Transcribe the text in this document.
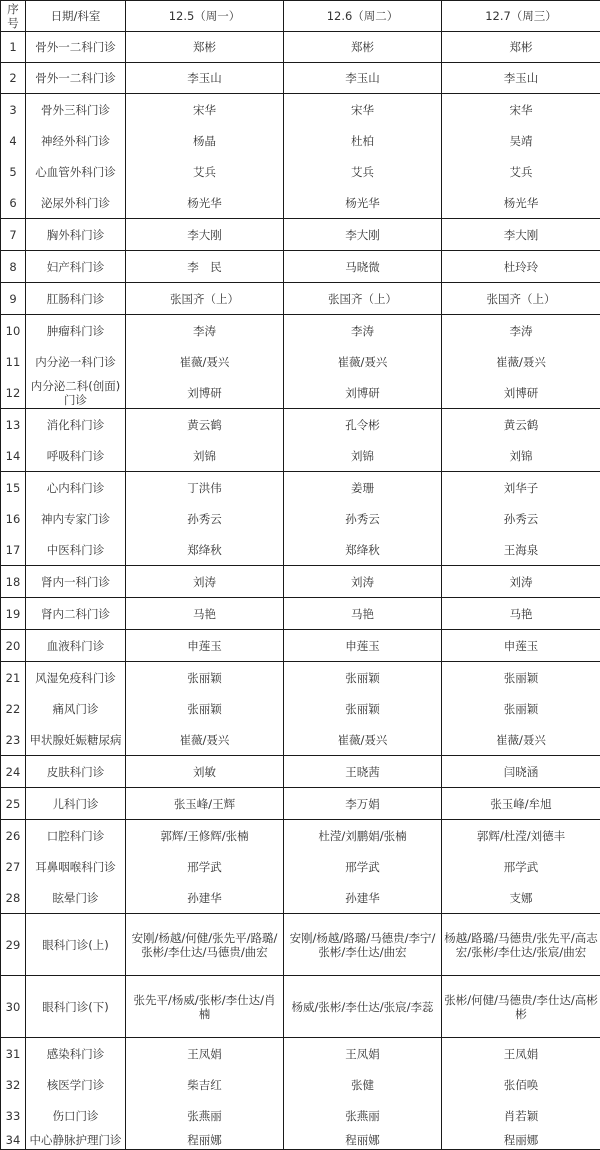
序号	日期/科室	12.5（周一）	12.6（周二）	12.7（周三）
1	骨外一二科门诊	郑彬	郑彬	郑彬
2	骨外一二科门诊	李玉山	李玉山	李玉山
3	骨外三科门诊	宋华	宋华	宋华
4	神经外科门诊	杨晶	杜柏	吴靖
5	心血管外科门诊	艾兵	艾兵	艾兵
6	泌尿外科门诊	杨光华	杨光华	杨光华
7	胸外科门诊	李大刚	李大刚	李大刚
8	妇产科门诊	李　民	马晓微	杜玲玲
9	肛肠科门诊	张国齐（上）	张国齐（上）	张国齐（上）
10	肿瘤科门诊	李涛	李涛	李涛
11	内分泌一科门诊	崔薇/聂兴	崔薇/聂兴	崔薇/聂兴
12	内分泌二科(创面)门诊	刘博研	刘博研	刘博研
13	消化科门诊	黄云鹤	孔令彬	黄云鹤
14	呼吸科门诊	刘锦	刘锦	刘锦
15	心内科门诊	丁洪伟	姜珊	刘华子
16	神内专家门诊	孙秀云	孙秀云	孙秀云
17	中医科门诊	郑绛秋	郑绛秋	王海泉
18	肾内一科门诊	刘涛	刘涛	刘涛
19	肾内二科门诊	马艳	马艳	马艳
20	血液科门诊	申莲玉	申莲玉	申莲玉
21	风湿免疫科门诊	张丽颖	张丽颖	张丽颖
22	痛风门诊	张丽颖	张丽颖	张丽颖
23	甲状腺妊娠糖尿病	崔薇/聂兴	崔薇/聂兴	崔薇/聂兴
24	皮肤科门诊	刘敏	王晓茜	闫晓涵
25	儿科门诊	张玉峰/王辉	李万娟	张玉峰/牟旭
26	口腔科门诊	郭辉/王修辉/张楠	杜滢/刘鹏娟/张楠	郭辉/杜滢/刘德丰
27	耳鼻咽喉科门诊	邢学武	邢学武	邢学武
28	眩晕门诊	孙建华	孙建华	支娜
29	眼科门诊(上)	安刚/杨越/何健/张先平/路璐/张彬/李仕达/马德贵/曲宏	安刚/杨越/路璐/马德贵/李宁/张彬/李仕达/曲宏	杨越/路璐/马德贵/张先平/高志宏/张彬/李仕达/张宸/曲宏
30	眼科门诊(下)	张先平/杨威/张彬/李仕达/肖楠	杨威/张彬/李仕达/张宸/李蕊	张彬/何健/马德贵/李仕达/高彬彬
31	感染科门诊	王凤娟	王凤娟	王凤娟
32	核医学门诊	柴吉红	张健	张佰唤
33	伤口门诊	张燕丽	张燕丽	肖若颖
34	中心静脉护理门诊	程丽娜	程丽娜	程丽娜
